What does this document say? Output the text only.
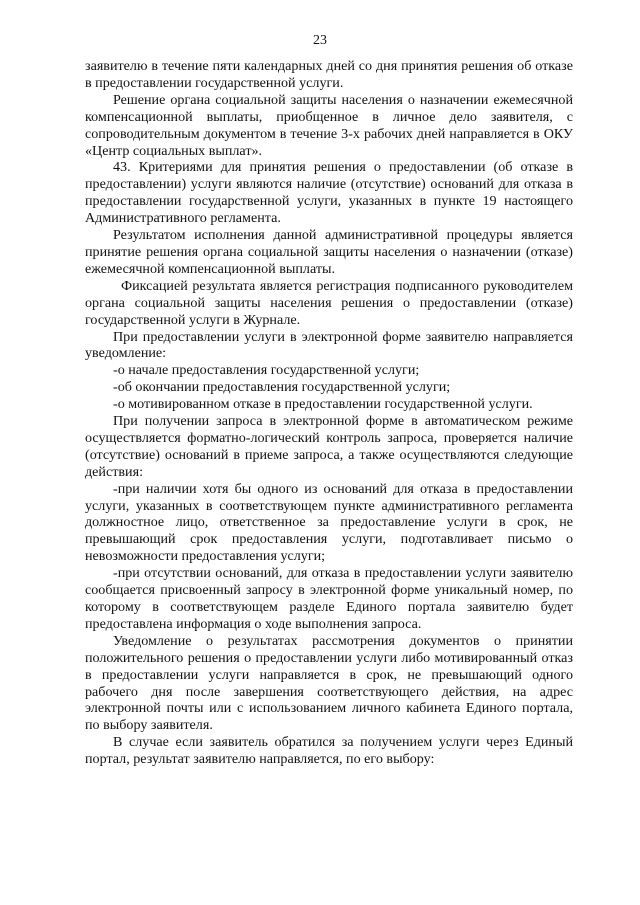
23

заявителю в течение пяти календарных дней со дня принятия решения об отказе в предоставлении государственной услуги.

Решение органа социальной защиты населения о назначении ежемесячной компенсационной выплаты, приобщенное в личное дело заявителя, с сопроводительным документом в течение 3-х рабочих дней направляется в ОКУ «Центр социальных выплат».

43. Критериями для принятия решения о предоставлении (об отказе в предоставлении) услуги являются наличие (отсутствие) оснований для отказа в предоставлении государственной услуги, указанных в пункте 19 настоящего Административного регламента.

Результатом исполнения данной административной процедуры является принятие решения органа социальной защиты населения о назначении (отказе) ежемесячной компенсационной выплаты.

Фиксацией результата является регистрация подписанного руководителем органа социальной защиты населения решения о предоставлении (отказе) государственной услуги в Журнале.

При предоставлении услуги в электронной форме заявителю направляется уведомление:

-о начале предоставления государственной услуги;

-об окончании предоставления государственной услуги;

-о мотивированном отказе в предоставлении государственной услуги.

При получении запроса в электронной форме в автоматическом режиме осуществляется форматно-логический контроль запроса, проверяется наличие (отсутствие) оснований в приеме запроса, а также осуществляются следующие действия:

-при наличии хотя бы одного из оснований для отказа в предоставлении услуги, указанных в соответствующем пункте административного регламента должностное лицо, ответственное за предоставление услуги в срок, не превышающий срок предоставления услуги, подготавливает письмо о невозможности предоставления услуги;

-при отсутствии оснований, для отказа в предоставлении услуги заявителю сообщается присвоенный запросу в электронной форме уникальный номер, по которому в соответствующем разделе Единого портала заявителю будет предоставлена информация о ходе выполнения запроса.

Уведомление о результатах рассмотрения документов о принятии положительного решения о предоставлении услуги либо мотивированный отказ в предоставлении услуги направляется в срок, не превышающий одного рабочего дня после завершения соответствующего действия, на адрес электронной почты или с использованием личного кабинета Единого портала, по выбору заявителя.

В случае если заявитель обратился за получением услуги через Единый портал, результат заявителю направляется, по его выбору:
